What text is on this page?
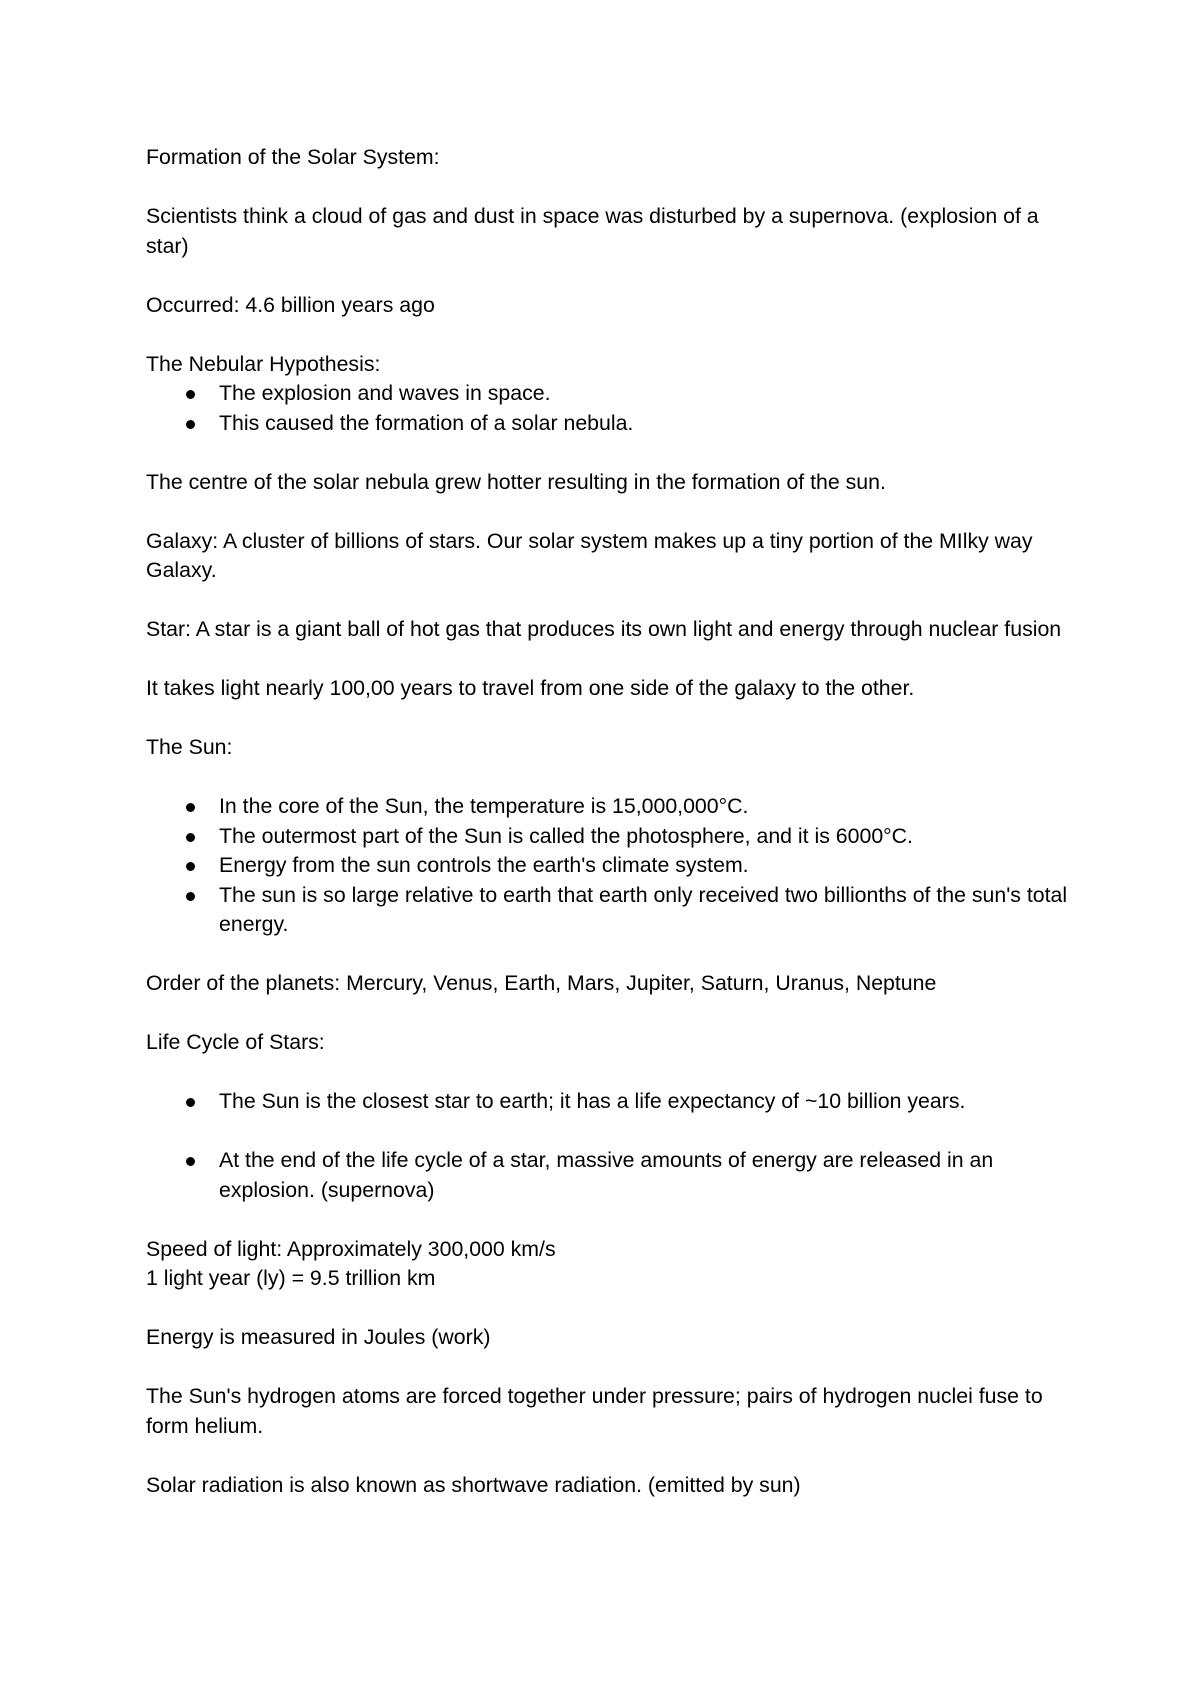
Formation of the Solar System:

Scientists think a cloud of gas and dust in space was disturbed by a supernova. (explosion of a star)

Occurred: 4.6 billion years ago

The Nebular Hypothesis:

The explosion and waves in space.
This caused the formation of a solar nebula.

The centre of the solar nebula grew hotter resulting in the formation of the sun.

Galaxy: A cluster of billions of stars. Our solar system makes up a tiny portion of the MIlky way Galaxy.

Star: A star is a giant ball of hot gas that produces its own light and energy through nuclear fusion

It takes light nearly 100,00 years to travel from one side of the galaxy to the other.

The Sun:

In the core of the Sun, the temperature is 15,000,000°C.
The outermost part of the Sun is called the photosphere, and it is 6000°C.
Energy from the sun controls the earth's climate system.
The sun is so large relative to earth that earth only received two billionths of the sun's total energy.

Order of the planets: Mercury, Venus, Earth, Mars, Jupiter, Saturn, Uranus, Neptune

Life Cycle of Stars:

The Sun is the closest star to earth; it has a life expectancy of ~10 billion years.
At the end of the life cycle of a star, massive amounts of energy are released in an explosion. (supernova)

Speed of light: Approximately 300,000 km/s

1 light year (ly) = 9.5 trillion km

Energy is measured in Joules (work)

The Sun's hydrogen atoms are forced together under pressure; pairs of hydrogen nuclei fuse to form helium.

Solar radiation is also known as shortwave radiation. (emitted by sun)
